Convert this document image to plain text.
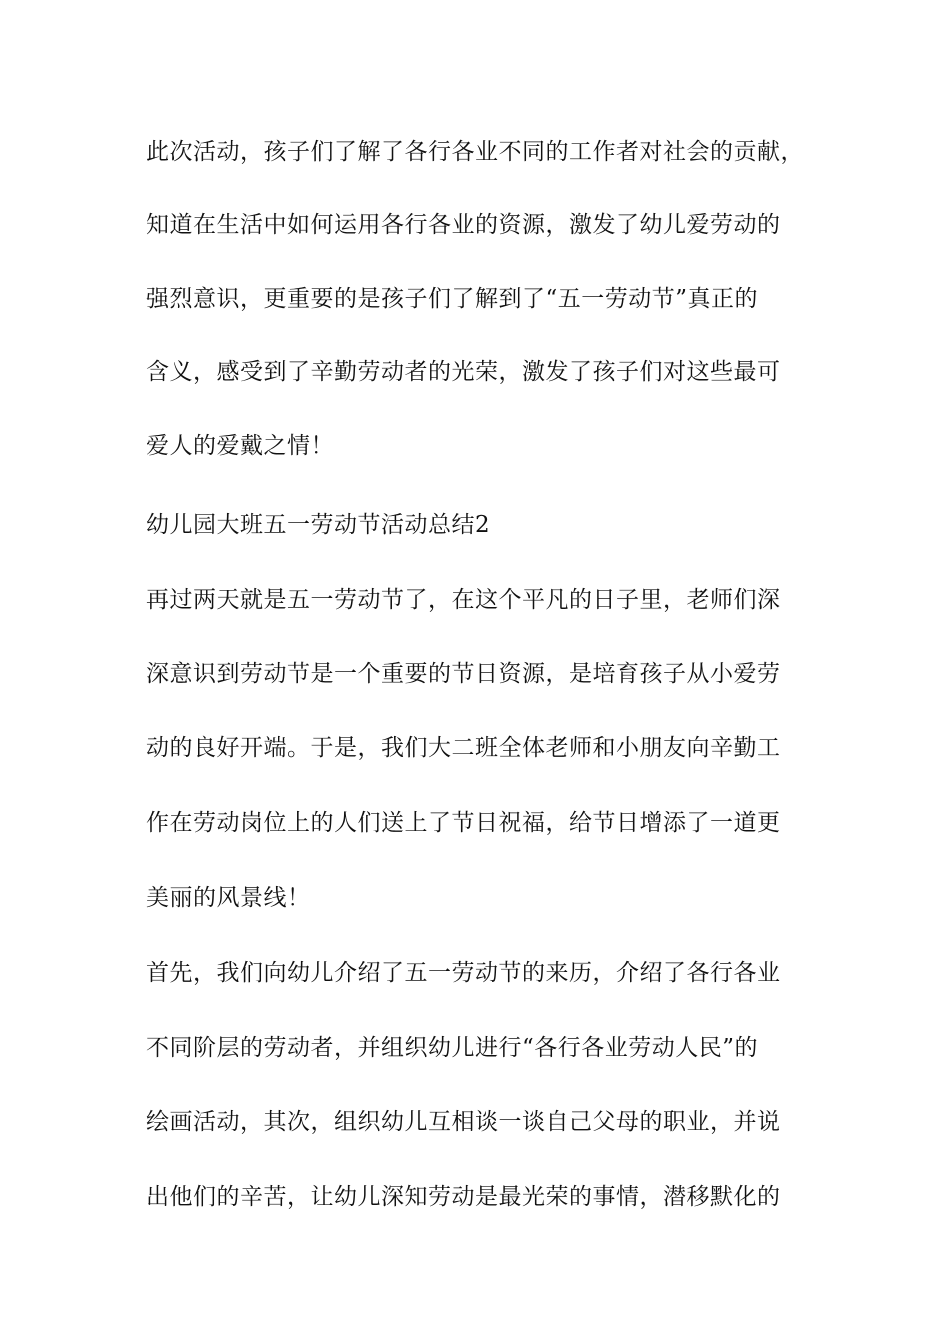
此次活动，孩子们了解了各行各业不同的工作者对社会的贡献，
知道在生活中如何运用各行各业的资源，激发了幼儿爱劳动的
强烈意识，更重要的是孩子们了解到了“五一劳动节”真正的
含义，感受到了辛勤劳动者的光荣，激发了孩子们对这些最可
爱人的爱戴之情！
幼儿园大班五一劳动节活动总结2
再过两天就是五一劳动节了，在这个平凡的日子里，老师们深
深意识到劳动节是一个重要的节日资源，是培育孩子从小爱劳
动的良好开端。于是，我们大二班全体老师和小朋友向辛勤工
作在劳动岗位上的人们送上了节日祝福，给节日增添了一道更
美丽的风景线！
首先，我们向幼儿介绍了五一劳动节的来历，介绍了各行各业
不同阶层的劳动者，并组织幼儿进行“各行各业劳动人民”的
绘画活动，其次，组织幼儿互相谈一谈自己父母的职业，并说
出他们的辛苦，让幼儿深知劳动是最光荣的事情，潜移默化的
